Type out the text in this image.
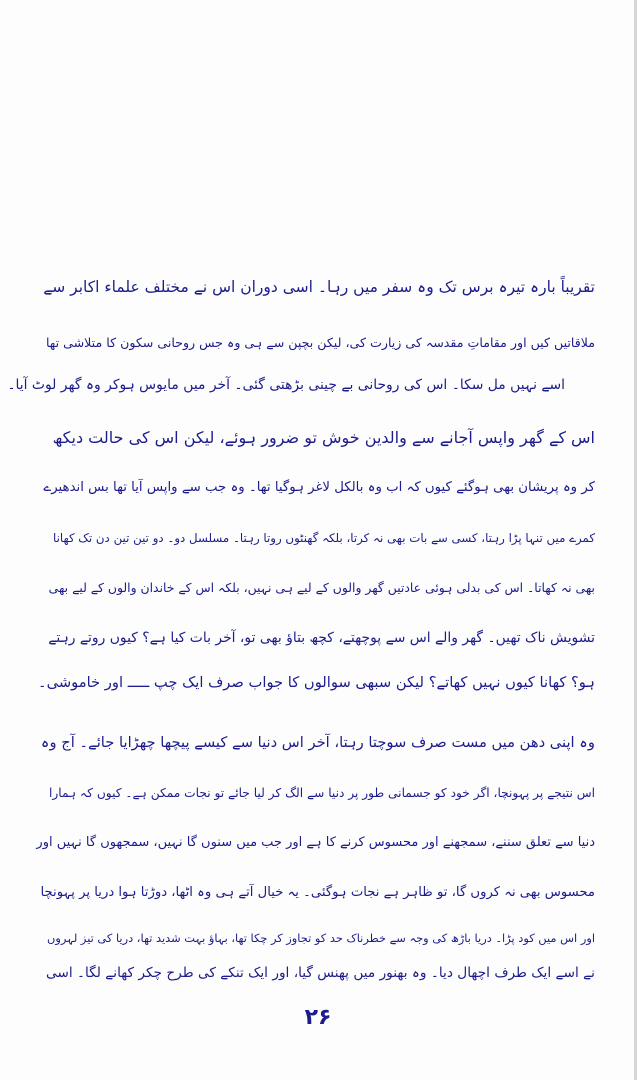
تقریباً بارہ تیرہ برس تک وہ سفر میں رہا۔ اسی دوران اس نے مختلف علماء اکابر سے

ملاقاتیں کیں اور مقاماتِ مقدسہ کی زیارت کی، لیکن بچپن سے ہی وہ جس روحانی سکون کا متلاشی تھا

اسے نہیں مل سکا۔ اس کی روحانی بے چینی بڑھتی گئی۔ آخر میں مایوس ہوکر وہ گھر لوٹ آیا۔

اس کے گھر واپس آجانے سے والدین خوش تو ضرور ہوئے، لیکن اس کی حالت دیکھ

کر وہ پریشان بھی ہوگئے کیوں کہ اب وہ بالکل لاغر ہوگیا تھا۔ وہ جب سے واپس آیا تھا بس اندھیرے

کمرے میں تنہا پڑا رہتا، کسی سے بات بھی نہ کرتا، بلکہ گھنٹوں روتا رہتا۔ مسلسل دو۔ دو تین تین دن تک کھانا

بھی نہ کھاتا۔ اس کی بدلی ہوئی عادتیں گھر والوں کے لیے ہی نہیں، بلکہ اس کے خاندان والوں کے لیے بھی

تشویش ناک تھیں۔ گھر والے اس سے پوچھتے، کچھ بتاؤ بھی تو، آخر بات کیا ہے؟ کیوں روتے رہتے

ہو؟ کھانا کیوں نہیں کھاتے؟ لیکن سبھی سوالوں کا جواب صرف ایک چپ ـــــ اور خاموشی۔

وہ اپنی دھن میں مست صرف سوچتا رہتا، آخر اس دنیا سے کیسے پیچھا چھڑایا جائے۔ آج وہ

اس نتیجے پر پہونچا، اگر خود کو جسمانی طور پر دنیا سے الگ کر لیا جائے تو نجات ممکن ہے۔ کیوں کہ ہمارا

دنیا سے تعلق سننے، سمجھنے اور محسوس کرنے کا ہے اور جب میں سنوں گا نہیں، سمجھوں گا نہیں اور

محسوس بھی نہ کروں گا، تو ظاہر ہے نجات ہوگئی۔ یہ خیال آتے ہی وہ اٹھا، دوڑتا ہوا دریا پر پہونچا

اور اس میں کود پڑا۔ دریا باڑھ کی وجہ سے خطرناک حد کو تجاوز کر چکا تھا، بہاؤ بہت شدید تھا، دریا کی تیز لہروں

نے اسے ایک طرف اچھال دیا۔ وہ بھنور میں پھنس گیا، اور ایک تنکے کی طرح چکر کھانے لگا۔ اسی

۲۶
